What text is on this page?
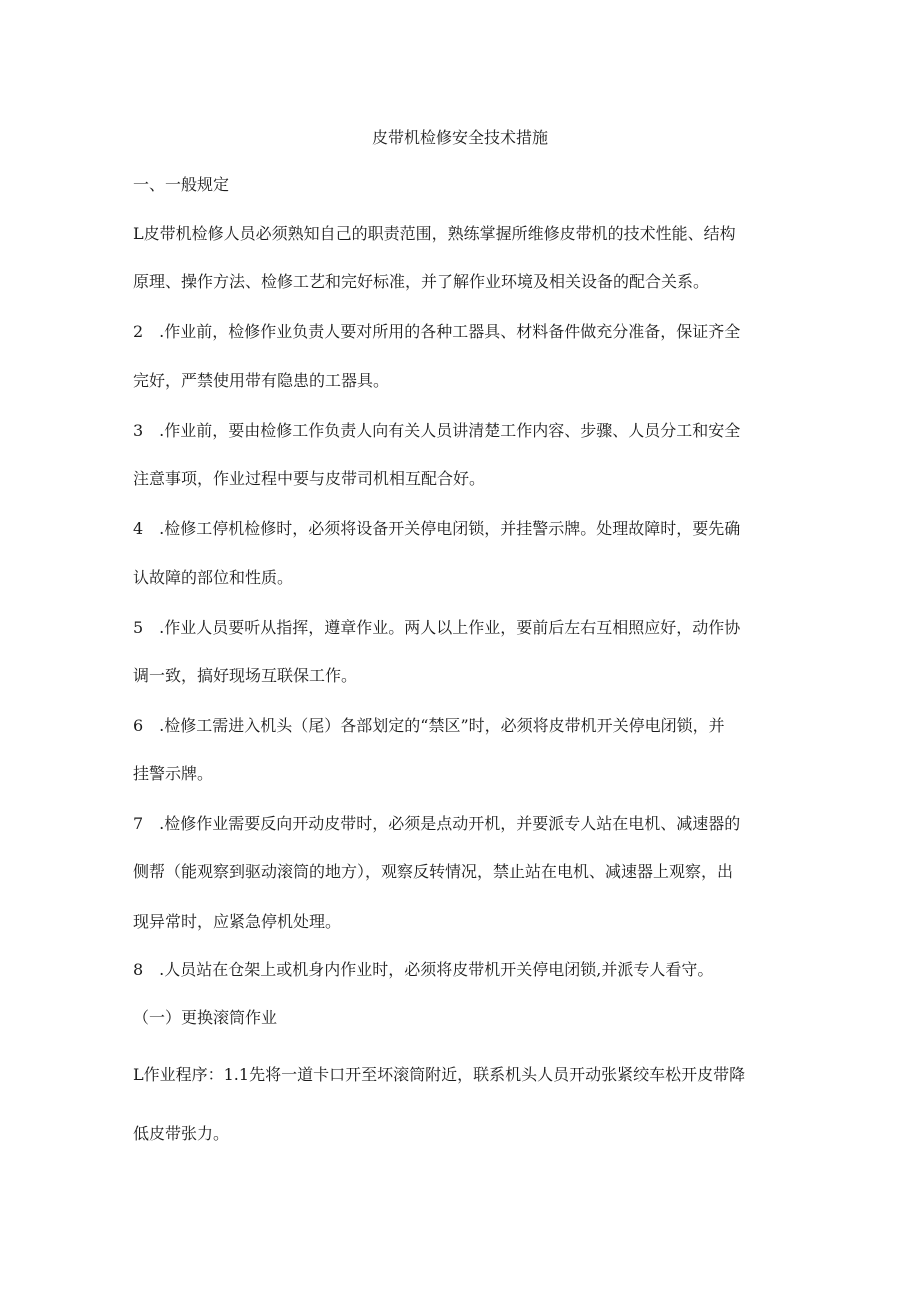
皮带机检修安全技术措施

一、一般规定

L皮带机检修人员必须熟知自己的职责范围，熟练掌握所维修皮带机的技术性能、结构

原理、操作方法、检修工艺和完好标准，并了解作业环境及相关设备的配合关系。

2　.作业前，检修作业负责人要对所用的各种工器具、材料备件做充分准备，保证齐全

完好，严禁使用带有隐患的工器具。

3　.作业前，要由检修工作负责人向有关人员讲清楚工作内容、步骤、人员分工和安全

注意事项，作业过程中要与皮带司机相互配合好。

4　.检修工停机检修时，必须将设备开关停电闭锁，并挂警示牌。处理故障时，要先确

认故障的部位和性质。

5　.作业人员要听从指挥，遵章作业。两人以上作业，要前后左右互相照应好，动作协

调一致，搞好现场互联保工作。

6　.检修工需进入机头（尾）各部划定的“禁区”时，必须将皮带机开关停电闭锁，并

挂警示牌。

7　.检修作业需要反向开动皮带时，必须是点动开机，并要派专人站在电机、减速器的

侧帮（能观察到驱动滚筒的地方），观察反转情况，禁止站在电机、减速器上观察，出

现异常时，应紧急停机处理。

8　.人员站在仓架上或机身内作业时，必须将皮带机开关停电闭锁,并派专人看守。

（一）更换滚筒作业

L作业程序：1.1先将一道卡口开至坏滚筒附近，联系机头人员开动张紧绞车松开皮带降

低皮带张力。
